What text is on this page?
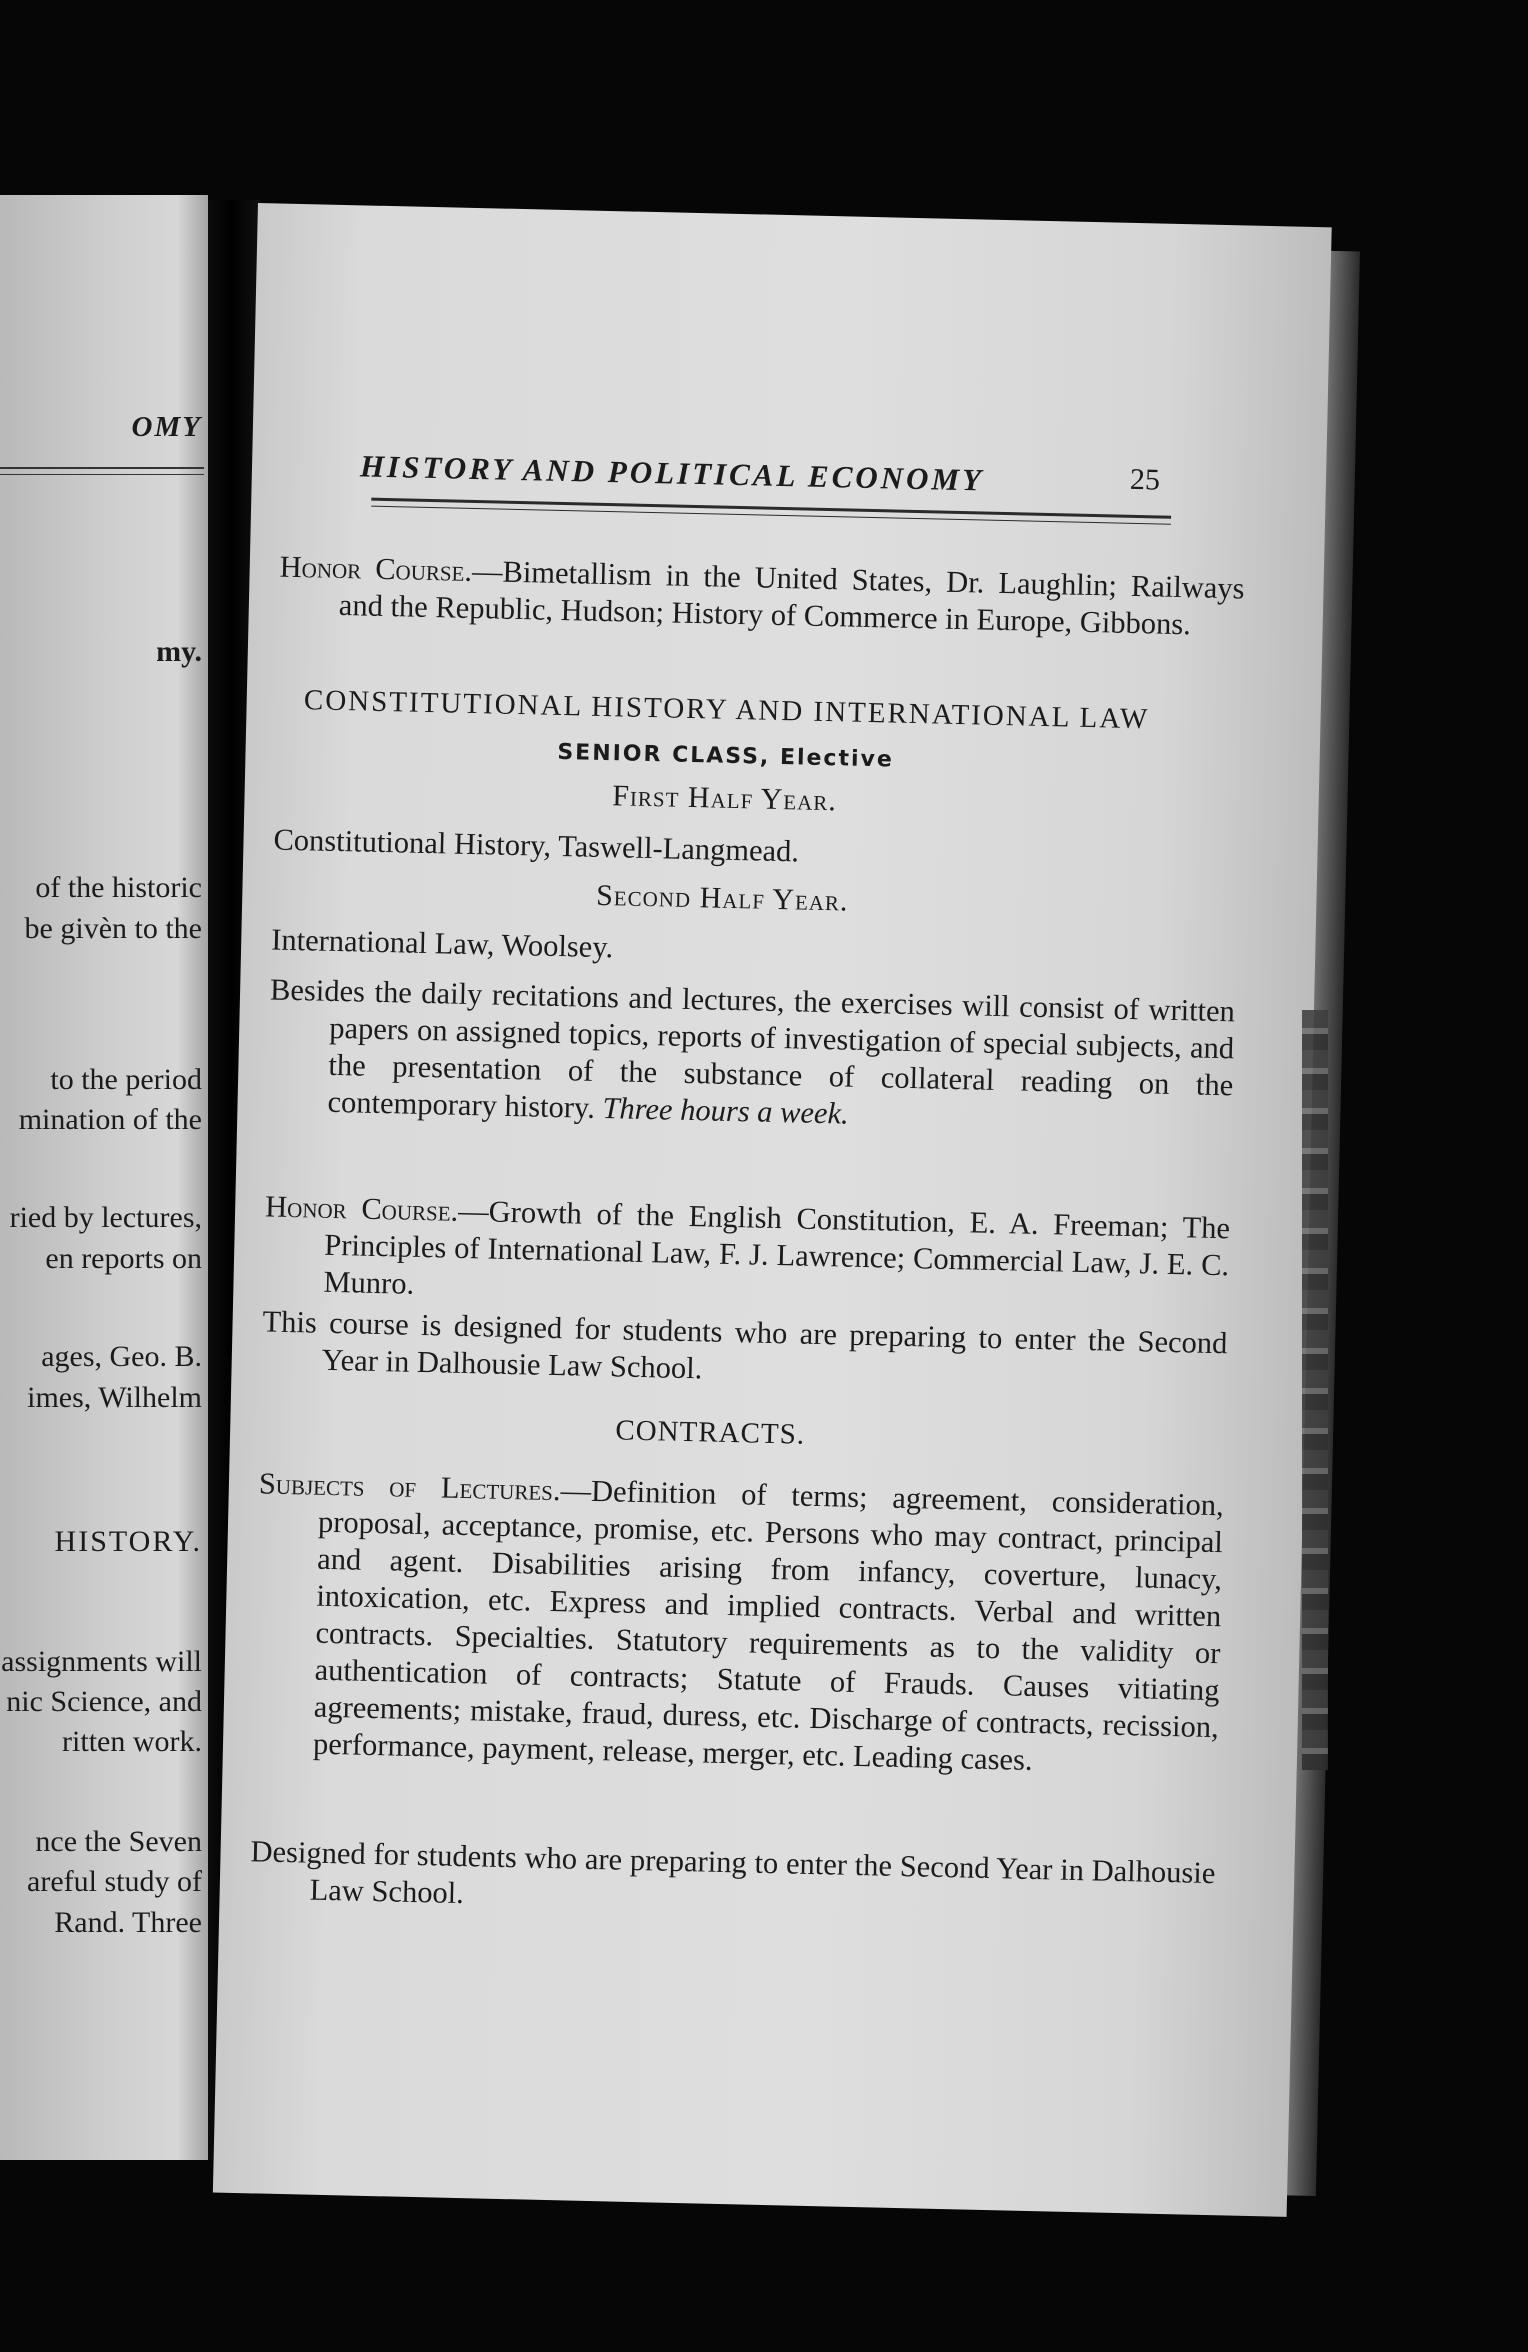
OMY
my.
of the historic
be givèn to the
to the period
mination of the
ried by lectures,
en reports on
ages, Geo. B.
imes, Wilhelm
HISTORY.
assignments will
nic Science, and
ritten work.
nce the Seven
areful study of
Rand. Three
HISTORY AND POLITICAL ECONOMY	25
Honor Course.—Bimetallism in the United States, Dr. Laughlin; Railways and the Republic, Hudson; History of Commerce in Europe, Gibbons.
CONSTITUTIONAL HISTORY AND INTERNATIONAL LAW
SENIOR CLASS, Elective
First Half Year.
Constitutional History, Taswell-Langmead.
Second Half Year.
International Law, Woolsey.
Besides the daily recitations and lectures, the exercises will consist of written papers on assigned topics, reports of investigation of special subjects, and the presentation of the substance of collateral reading on the contemporary history. Three hours a week.
Honor Course.—Growth of the English Constitution, E. A. Freeman; The Principles of International Law, F. J. Lawrence; Commercial Law, J. E. C. Munro.
This course is designed for students who are preparing to enter the Second Year in Dalhousie Law School.
CONTRACTS.
Subjects of Lectures.—Definition of terms; agreement, consideration, proposal, acceptance, promise, etc. Persons who may contract, principal and agent. Disabilities arising from infancy, coverture, lunacy, intoxication, etc. Express and implied contracts. Verbal and written contracts. Specialties. Statutory requirements as to the validity or authentication of contracts; Statute of Frauds. Causes vitiating agreements; mistake, fraud, duress, etc. Discharge of contracts, recission, performance, payment, release, merger, etc. Leading cases.
Designed for students who are preparing to enter the Second Year in Dalhousie Law School.
